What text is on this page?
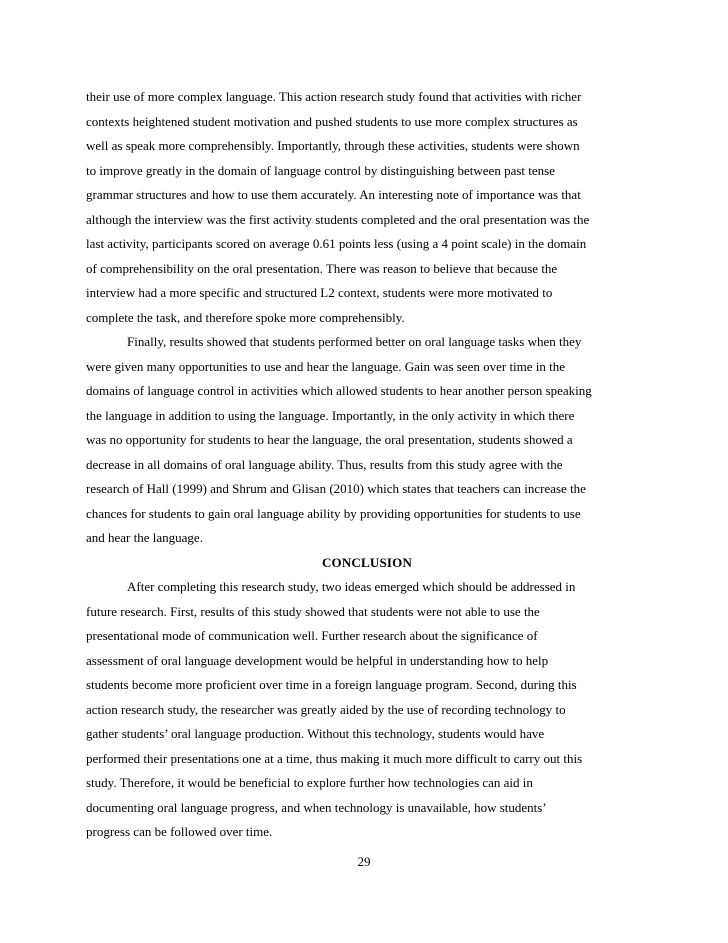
their use of more complex language. This action research study found that activities with richer
contexts heightened student motivation and pushed students to use more complex structures as
well as speak more comprehensibly. Importantly, through these activities, students were shown
to improve greatly in the domain of language control by distinguishing between past tense
grammar structures and how to use them accurately. An interesting note of importance was that
although the interview was the first activity students completed and the oral presentation was the
last activity, participants scored on average 0.61 points less (using a 4 point scale) in the domain
of comprehensibility on the oral presentation. There was reason to believe that because the
interview had a more specific and structured L2 context, students were more motivated to
complete the task, and therefore spoke more comprehensibly.
Finally, results showed that students performed better on oral language tasks when they
were given many opportunities to use and hear the language. Gain was seen over time in the
domains of language control in activities which allowed students to hear another person speaking
the language in addition to using the language. Importantly, in the only activity in which there
was no opportunity for students to hear the language, the oral presentation, students showed a
decrease in all domains of oral language ability. Thus, results from this study agree with the
research of Hall (1999) and Shrum and Glisan (2010) which states that teachers can increase the
chances for students to gain oral language ability by providing opportunities for students to use
and hear the language.
CONCLUSION
After completing this research study, two ideas emerged which should be addressed in
future research. First, results of this study showed that students were not able to use the
presentational mode of communication well. Further research about the significance of
assessment of oral language development would be helpful in understanding how to help
students become more proficient over time in a foreign language program. Second, during this
action research study, the researcher was greatly aided by the use of recording technology to
gather students’ oral language production. Without this technology, students would have
performed their presentations one at a time, thus making it much more difficult to carry out this
study. Therefore, it would be beneficial to explore further how technologies can aid in
documenting oral language progress, and when technology is unavailable, how students’
progress can be followed over time.
29
